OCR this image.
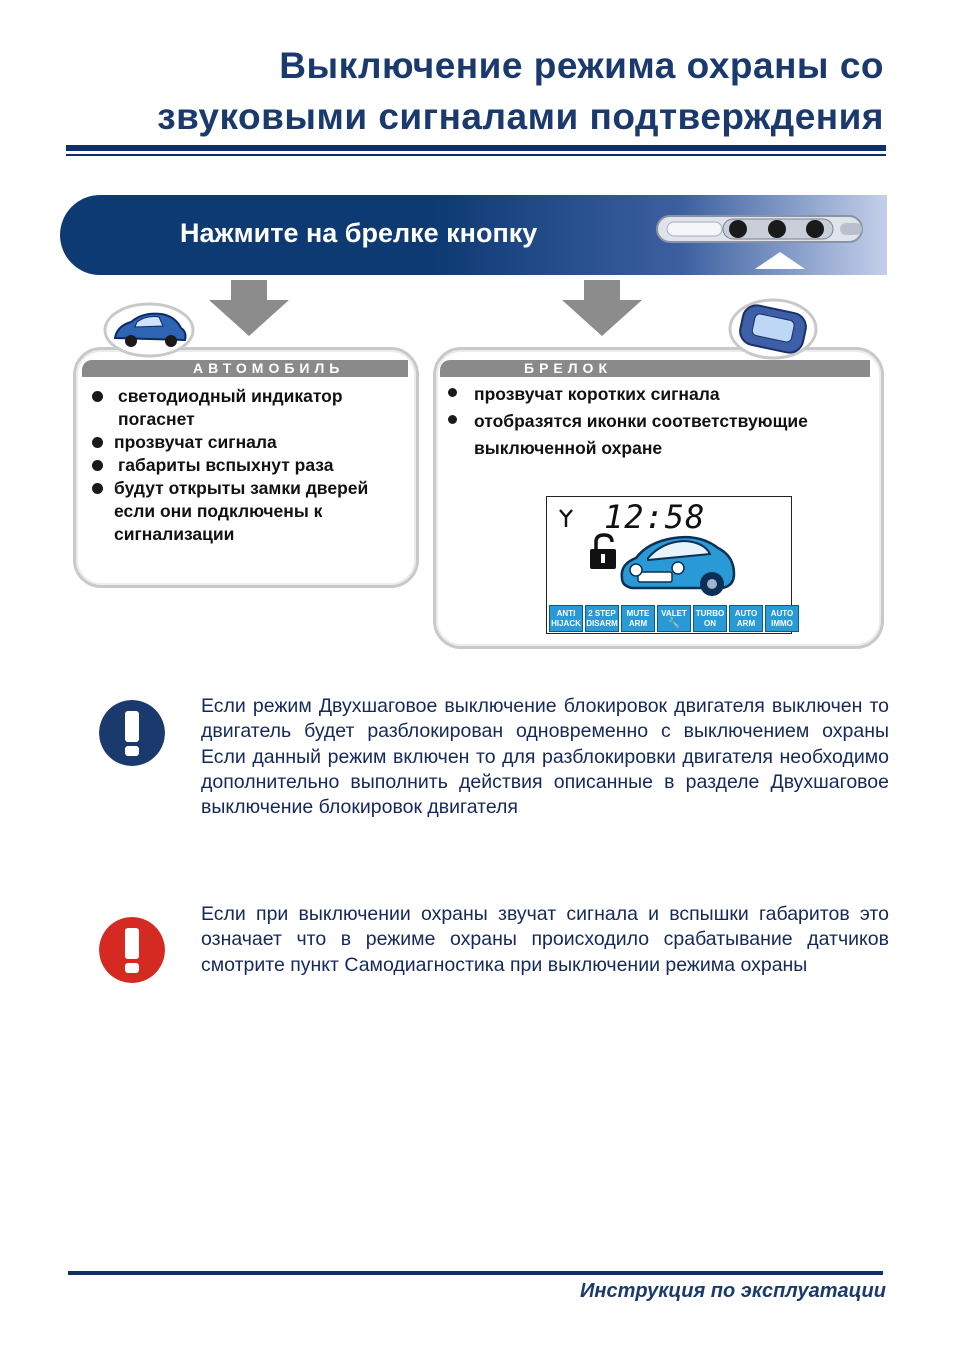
Выключение режима охраны со
звуковыми сигналами подтверждения
Нажмите на брелке кнопку
АВТОМОБИЛЬ
светодиодный индикатор погаснет
прозвучат сигнала
габариты вспыхнут раза
будут открыты замки дверей если они подключены к сигнализации
БРЕЛОК
прозвучат коротких сигнала
отобразятся иконки соответствующие выключенной охране
12:58
ANTI
HIJACK
2 STEP
DISARM
MUTE
ARM
VALET
🔧
TURBO
ON
AUTO
ARM
AUTO
IMMO
Если режим Двухшаговое выключение блокировок двигателя выключен то двигатель будет разблокирован одновременно с выключением охраны Если данный режим включен то для разблокировки двигателя необходимо дополнительно выполнить действия описанные в разделе Двухшаговое выключение блокировок двигателя
Если при выключении охраны звучат сигнала и вспышки габаритов это означает что в режиме охраны происходило срабатывание датчиков смотрите пункт Самодиагностика при выключении режима охраны
Инструкция по эксплуатации
